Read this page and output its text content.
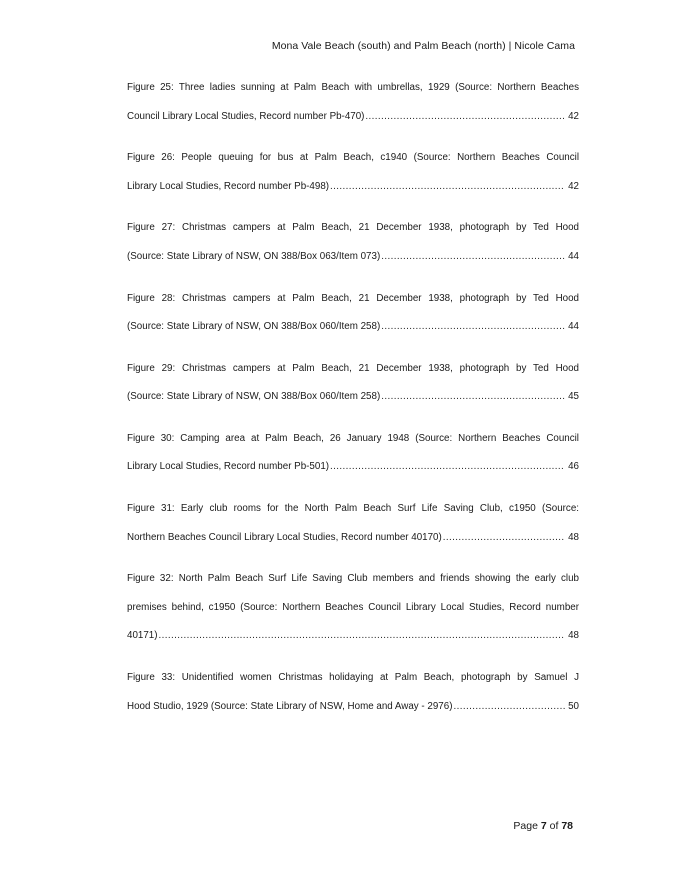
Mona Vale Beach (south) and Palm Beach (north) | Nicole Cama
Figure 25: Three ladies sunning at Palm Beach with umbrellas, 1929 (Source: Northern Beaches
Council Library Local Studies, Record number Pb-470) .....	42
Figure 26: People queuing for bus at Palm Beach, c1940 (Source: Northern Beaches Council
Library Local Studies, Record number Pb-498) .....	42
Figure 27: Christmas campers at Palm Beach, 21 December 1938, photograph by Ted Hood
(Source: State Library of NSW, ON 388/Box 063/Item 073) .....	44
Figure 28: Christmas campers at Palm Beach, 21 December 1938, photograph by Ted Hood
(Source: State Library of NSW, ON 388/Box 060/Item 258) .....	44
Figure 29: Christmas campers at Palm Beach, 21 December 1938, photograph by Ted Hood
(Source: State Library of NSW, ON 388/Box 060/Item 258) .....	45
Figure 30: Camping area at Palm Beach, 26 January 1948 (Source: Northern Beaches Council
Library Local Studies, Record number Pb-501) .....	46
Figure 31: Early club rooms for the North Palm Beach Surf Life Saving Club, c1950 (Source:
Northern Beaches Council Library Local Studies, Record number 40170) .....	48
Figure 32: North Palm Beach Surf Life Saving Club members and friends showing the early club
premises behind, c1950 (Source: Northern Beaches Council Library Local Studies, Record number
40171) .....	48
Figure 33: Unidentified women Christmas holidaying at Palm Beach, photograph by Samuel J
Hood Studio, 1929 (Source: State Library of NSW, Home and Away - 2976) .....	50
Page 7 of 78
